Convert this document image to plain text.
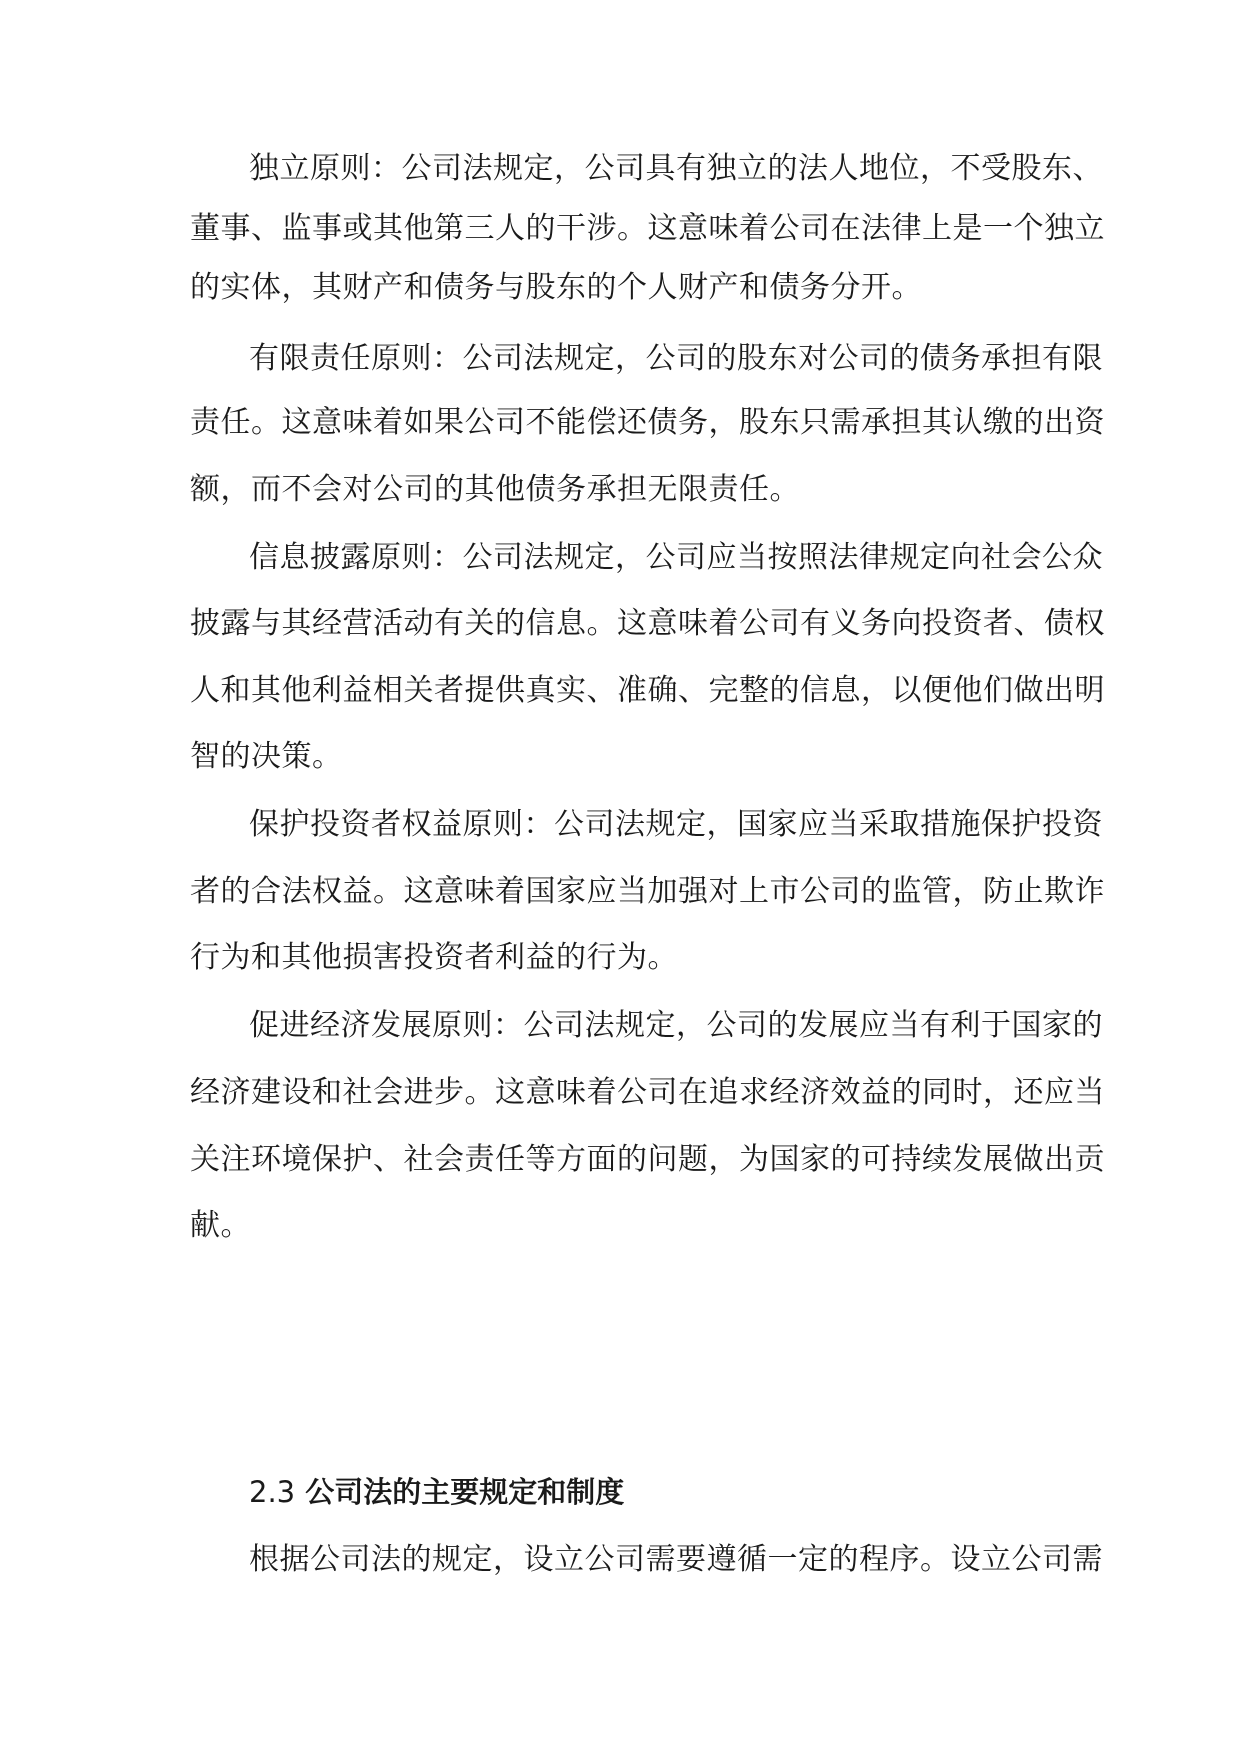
独立原则：公司法规定，公司具有独立的法人地位，不受股东、
董事、监事或其他第三人的干涉。这意味着公司在法律上是一个独立
的实体，其财产和债务与股东的个人财产和债务分开。
有限责任原则：公司法规定，公司的股东对公司的债务承担有限
责任。这意味着如果公司不能偿还债务，股东只需承担其认缴的出资
额，而不会对公司的其他债务承担无限责任。
信息披露原则：公司法规定，公司应当按照法律规定向社会公众
披露与其经营活动有关的信息。这意味着公司有义务向投资者、债权
人和其他利益相关者提供真实、准确、完整的信息，以便他们做出明
智的决策。
保护投资者权益原则：公司法规定，国家应当采取措施保护投资
者的合法权益。这意味着国家应当加强对上市公司的监管，防止欺诈
行为和其他损害投资者利益的行为。
促进经济发展原则：公司法规定，公司的发展应当有利于国家的
经济建设和社会进步。这意味着公司在追求经济效益的同时，还应当
关注环境保护、社会责任等方面的问题，为国家的可持续发展做出贡
献。
2.3 公司法的主要规定和制度
根据公司法的规定，设立公司需要遵循一定的程序。设立公司需
